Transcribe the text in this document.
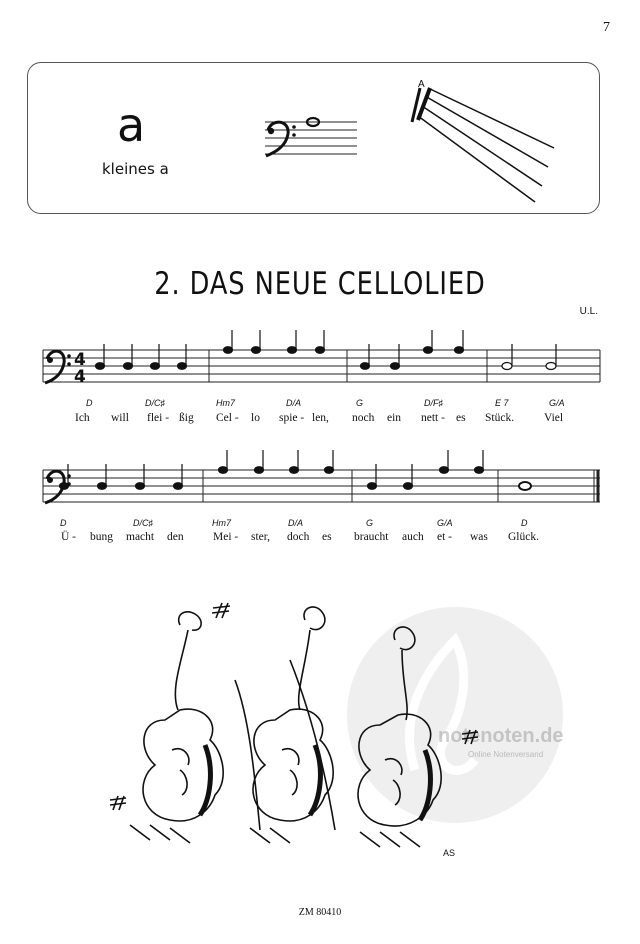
7
a
kleines a
A
2. DAS NEUE CELLOLIED
U.L.
4
4
D	D/C♯	Hm7	D/A	G	D/F♯	E 7	G/A
Ich will flei - ßig Cel - lo spie - len, noch ein nett - es Stück.	Viel
D	D/C♯	Hm7	D/A	G	G/A	D
Ü - bung macht den	Mei - ster, doch es braucht auch et - was Glück.
notenoten.de
Online Notenversand
AS
ZM 80410
